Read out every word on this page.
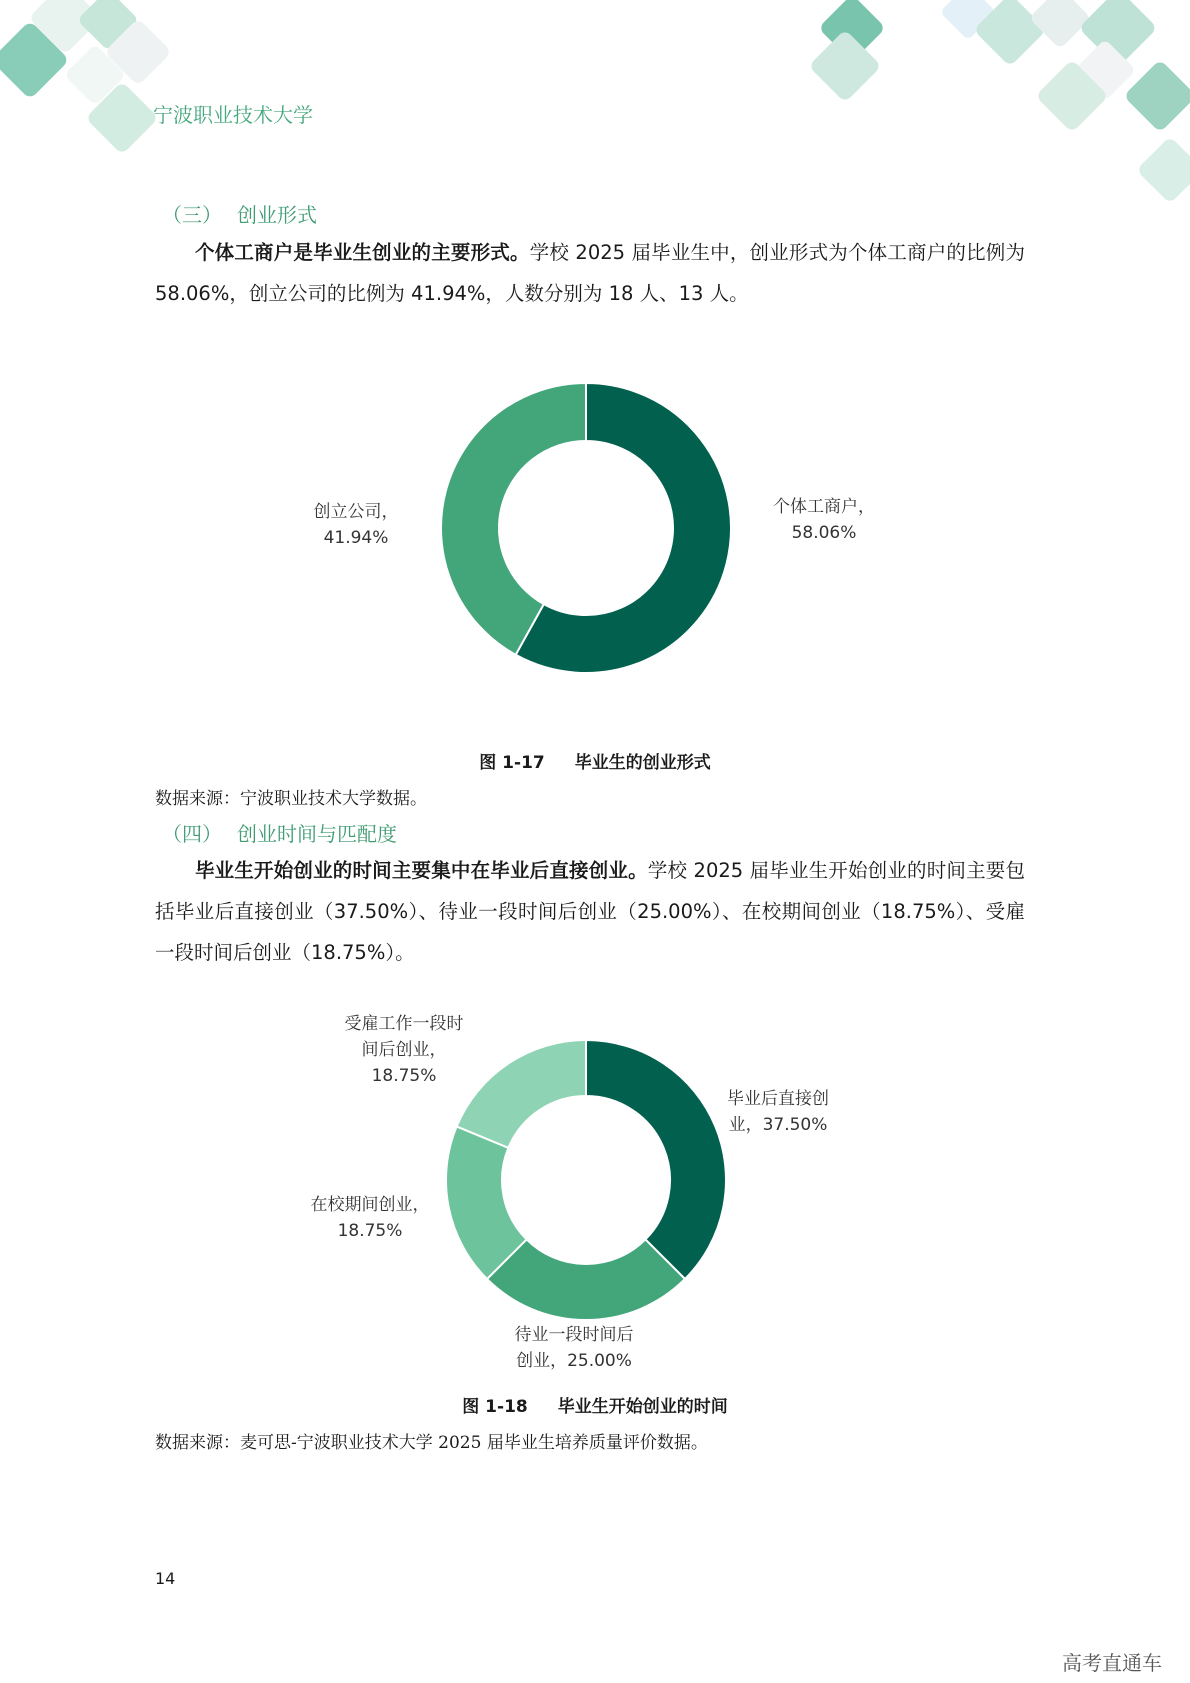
宁波职业技术大学
（三） 创业形式
个体工商户是毕业生创业的主要形式。学校 2025 届毕业生中，创业形式为个体工商户的比例为 58.06%，创立公司的比例为 41.94%，人数分别为 18 人、13 人。
个体工商户， 58.06%
创立公司， 41.94%
图 1-17 毕业生的创业形式
数据来源：宁波职业技术大学数据。
（四） 创业时间与匹配度
毕业生开始创业的时间主要集中在毕业后直接创业。学校 2025 届毕业生开始创业的时间主要包括毕业后直接创业（37.50%）、待业一段时间后创业（25.00%）、在校期间创业（18.75%）、受雇一段时间后创业（18.75%）。
毕业后直接创业，37.50%
待业一段时间后创业，25.00%
在校期间创业， 18.75%
受雇工作一段时间后创业， 18.75%
图 1-18 毕业生开始创业的时间
数据来源：麦可思-宁波职业技术大学 2025 届毕业生培养质量评价数据。
14
高考直通车
